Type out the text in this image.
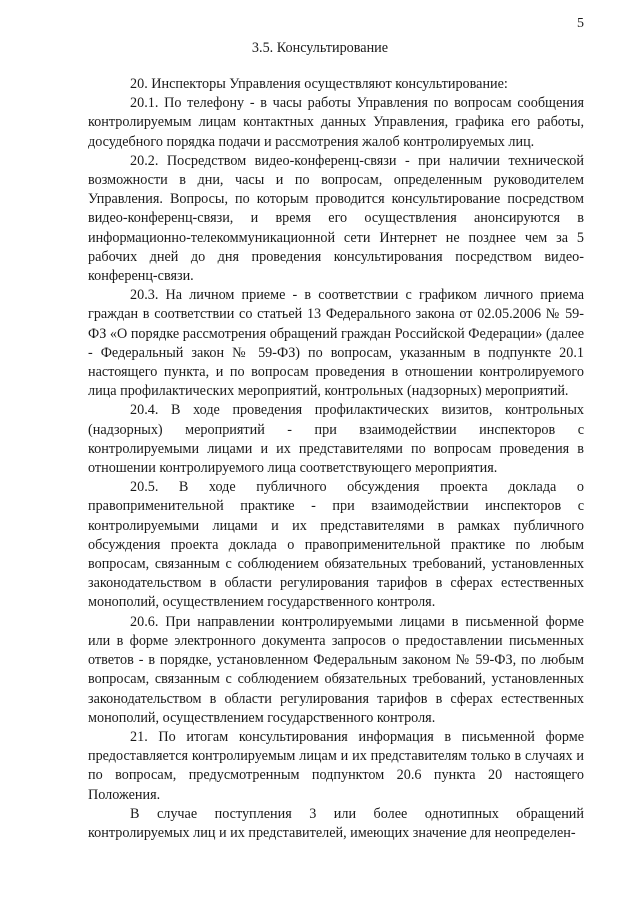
5
3.5. Консультирование

20. Инспекторы Управления осуществляют консультирование:

20.1. По телефону - в часы работы Управления по вопросам сообщения контролируемым лицам контактных данных Управления, графика его работы, досудебного порядка подачи и рассмотрения жалоб контролируемых лиц.

20.2. Посредством видео-конференц-связи - при наличии технической возможности в дни, часы и по вопросам, определенным руководителем Управления. Вопросы, по которым проводится консультирование посредством видео-конференц-связи, и время его осуществления анонсируются в информационно-телекоммуникационной сети Интернет не позднее чем за 5 рабочих дней до дня проведения консультирования посредством видео-конференц-связи.

20.3. На личном приеме - в соответствии с графиком личного приема граждан в соответствии со статьей 13 Федерального закона от 02.05.2006 № 59-ФЗ «О порядке рассмотрения обращений граждан Российской Федерации» (далее - Федеральный закон № 59-ФЗ) по вопросам, указанным в подпункте 20.1 настоящего пункта, и по вопросам проведения в отношении контролируемого лица профилактических мероприятий, контрольных (надзорных) мероприятий.

20.4. В ходе проведения профилактических визитов, контрольных (надзорных) мероприятий - при взаимодействии инспекторов с контролируемыми лицами и их представителями по вопросам проведения в отношении контролируемого лица соответствующего мероприятия.

20.5. В ходе публичного обсуждения проекта доклада о правоприменительной практике - при взаимодействии инспекторов с контролируемыми лицами и их представителями в рамках публичного обсуждения проекта доклада о правоприменительной практике по любым вопросам, связанным с соблюдением обязательных требований, установленных законодательством в области регулирования тарифов в сферах естественных монополий, осуществлением государственного контроля.

20.6. При направлении контролируемыми лицами в письменной форме или в форме электронного документа запросов о предоставлении письменных ответов - в порядке, установленном Федеральным законом № 59-ФЗ, по любым вопросам, связанным с соблюдением обязательных требований, установленных законодательством в области регулирования тарифов в сферах естественных монополий, осуществлением государственного контроля.

21. По итогам консультирования информация в письменной форме предоставляется контролируемым лицам и их представителям только в случаях и по вопросам, предусмотренным подпунктом 20.6 пункта 20 настоящего Положения.

В случае поступления 3 или более однотипных обращений контролируемых лиц и их представителей, имеющих значение для неопределен-
